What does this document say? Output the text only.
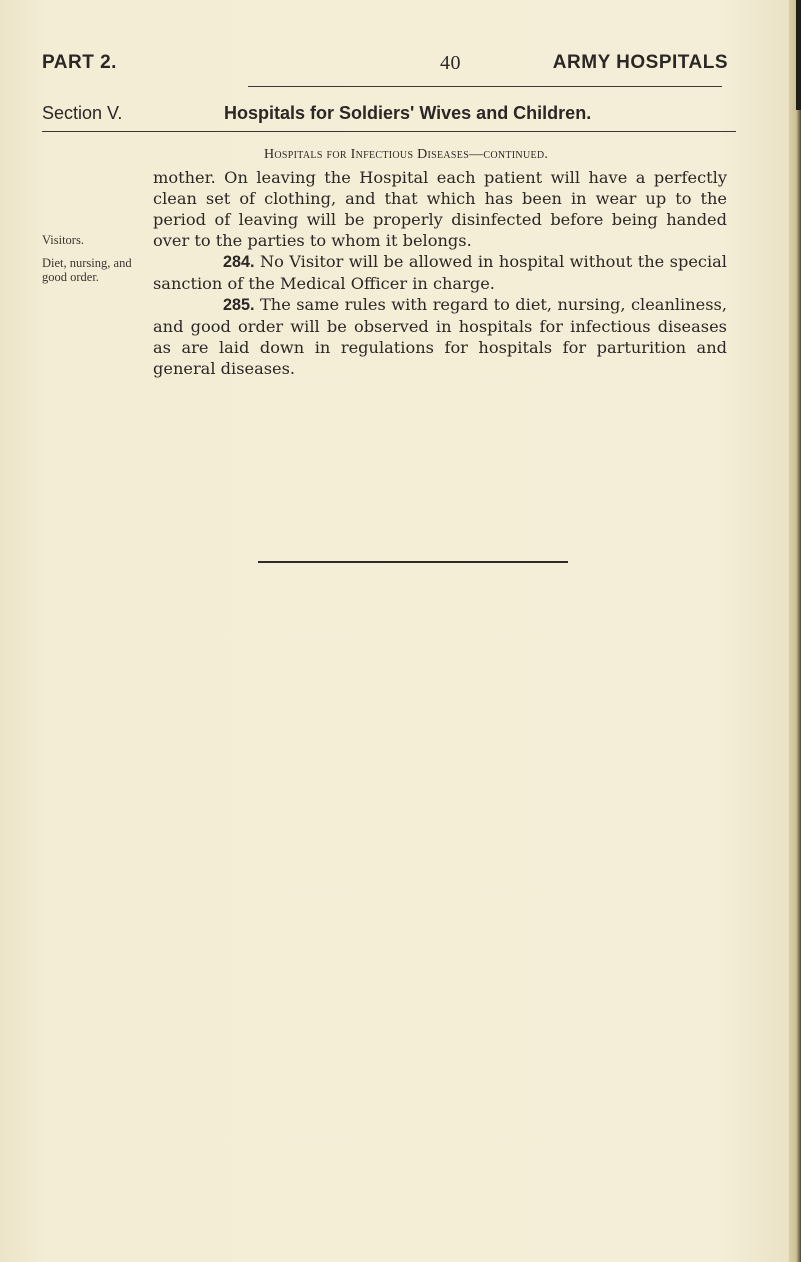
PART 2.	40	ARMY HOSPITALS
Section V.	Hospitals for Soldiers' Wives and Children.
Hospitals for Infectious Diseases—continued.

mother. On leaving the Hospital each patient will have a perfectly clean set of clothing, and that which has been in wear up to the period of leaving will be properly disinfected before being handed over to the parties to whom it belongs.

284. No Visitor will be allowed in hospital without the special sanction of the Medical Officer in charge.

285. The same rules with regard to diet, nursing, cleanliness, and good order will be observed in hospitals for infectious diseases as are laid down in regulations for hospitals for parturition and general diseases.

Visitors.
Diet, nursing, and good order.
